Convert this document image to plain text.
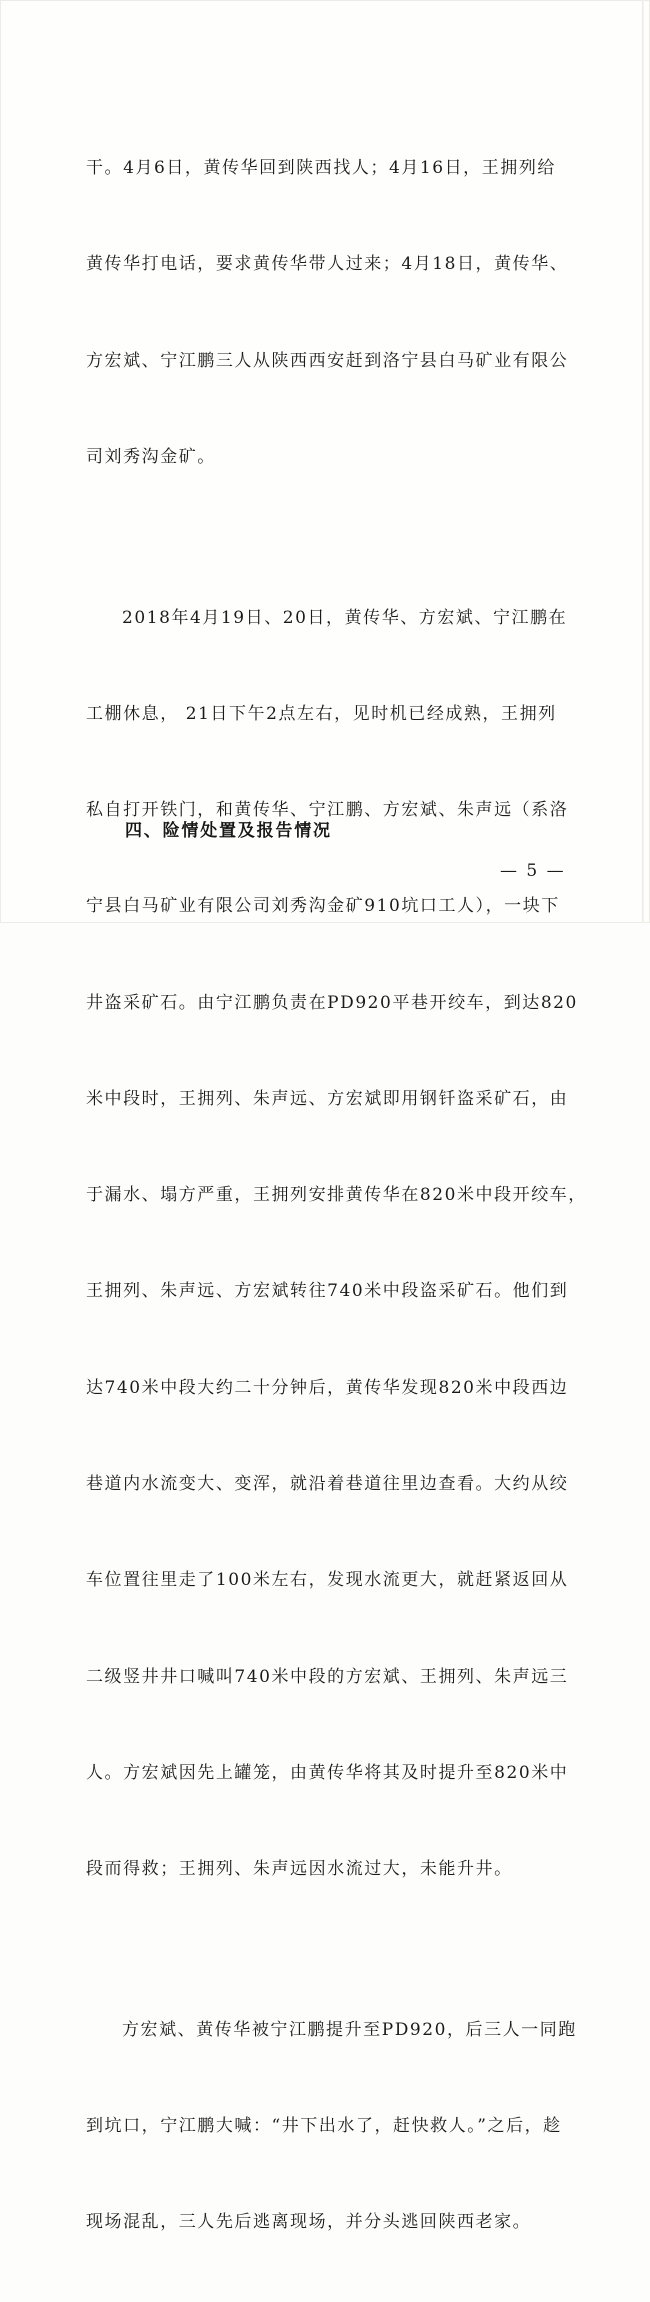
干。4月6日，黄传华回到陕西找人；4月16日，王拥列给

黄传华打电话，要求黄传华带人过来；4月18日，黄传华、

方宏斌、宁江鹏三人从陕西西安赶到洛宁县白马矿业有限公

司刘秀沟金矿。

2018年4月19日、20日，黄传华、方宏斌、宁江鹏在

工棚休息， 21日下午2点左右，见时机已经成熟，王拥列

私自打开铁门，和黄传华、宁江鹏、方宏斌、朱声远（系洛

宁县白马矿业有限公司刘秀沟金矿910坑口工人），一块下

井盗采矿石。由宁江鹏负责在PD920平巷开绞车，到达820

米中段时，王拥列、朱声远、方宏斌即用钢钎盗采矿石，由

于漏水、塌方严重，王拥列安排黄传华在820米中段开绞车，

王拥列、朱声远、方宏斌转往740米中段盗采矿石。他们到

达740米中段大约二十分钟后，黄传华发现820米中段西边

巷道内水流变大、变浑，就沿着巷道往里边查看。大约从绞

车位置往里走了100米左右，发现水流更大，就赶紧返回从

二级竖井井口喊叫740米中段的方宏斌、王拥列、朱声远三

人。方宏斌因先上罐笼，由黄传华将其及时提升至820米中

段而得救；王拥列、朱声远因水流过大，未能升井。

方宏斌、黄传华被宁江鹏提升至PD920，后三人一同跑

到坑口，宁江鹏大喊：“井下出水了，赶快救人。”之后，趁

现场混乱，三人先后逃离现场，并分头逃回陕西老家。

四、险情处置及报告情况
— 5 —
